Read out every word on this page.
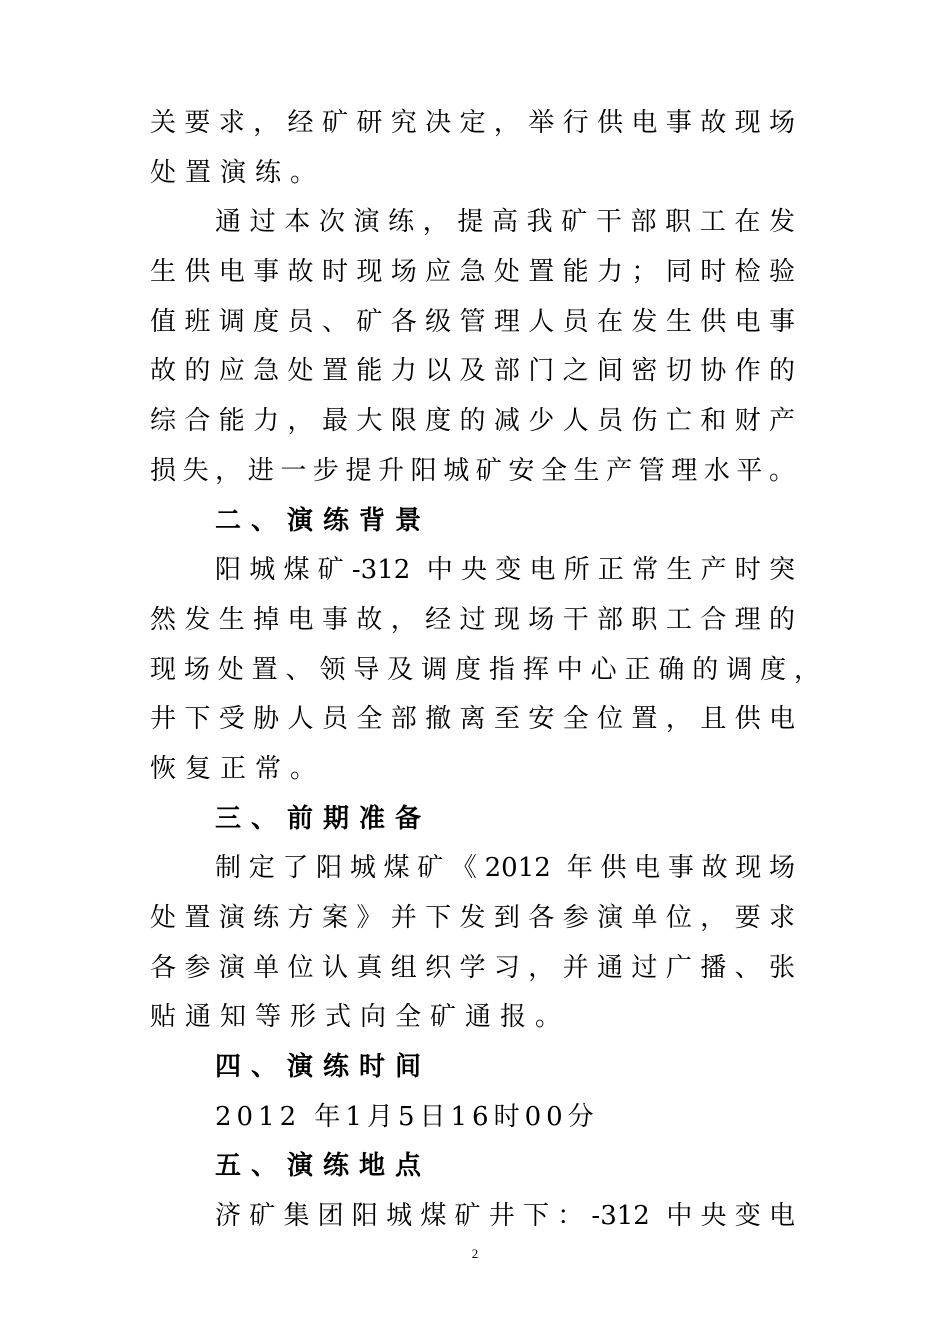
关要求，经矿研究决定，举行供电事故现场
处置演练。
通过本次演练，提高我矿干部职工在发
生供电事故时现场应急处置能力；同时检验
值班调度员、矿各级管理人员在发生供电事
故的应急处置能力以及部门之间密切协作的
综合能力，最大限度的减少人员伤亡和财产
损失，进一步提升阳城矿安全生产管理水平。
二、演练背景
阳城煤矿-312 中央变电所正常生产时突
然发生掉电事故，经过现场干部职工合理的
现场处置、领导及调度指挥中心正确的调度，
井下受胁人员全部撤离至安全位置，且供电
恢复正常。
三、前期准备
制定了阳城煤矿《2012 年供电事故现场
处置演练方案》并下发到各参演单位，要求
各参演单位认真组织学习，并通过广播、张
贴通知等形式向全矿通报。
四、演练时间
2012 年1月5日16时00分
五、演练地点
济矿集团阳城煤矿井下：-312 中央变电
2
